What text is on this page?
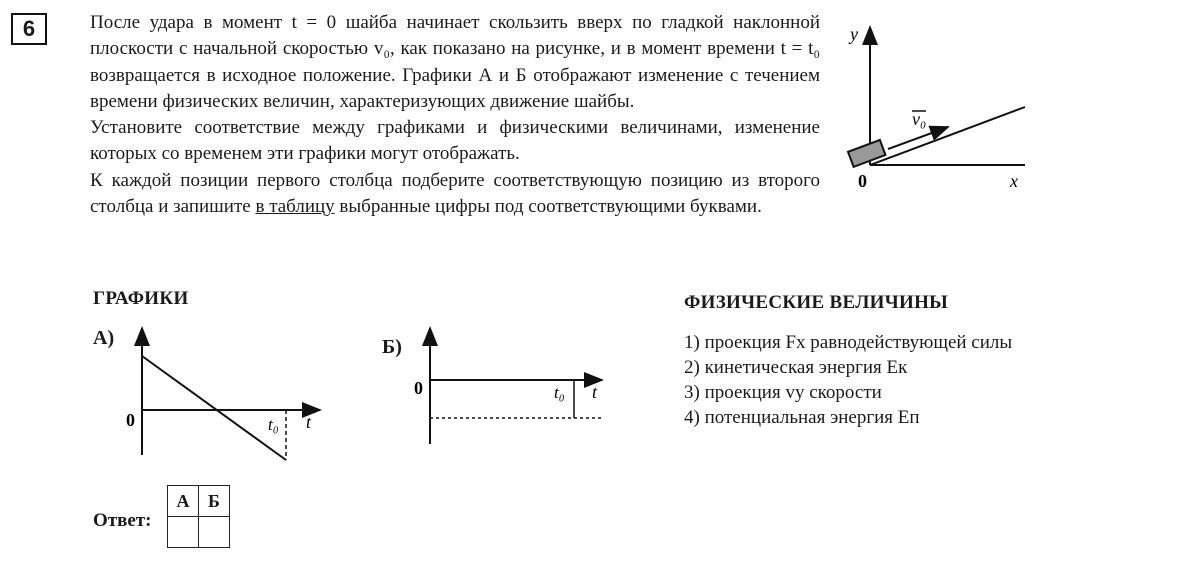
6	После удара в момент t = 0 шайба начинает скользить вверх по гладкой наклонной плоскости с начальной скоростью v₀, как показано на рисунке, и в момент времени t = t₀ возвращается в исходное положение. Графики А и Б отображают изменение с течением времени физических величин, характеризующих движение шайбы.

Установите соответствие между графиками и физическими величинами, изменение которых со временем эти графики могут отображать.

К каждой позиции первого столбца подберите соответствующую позицию из второго столбца и запишите в таблицу выбранные цифры под соответствующими буквами.

y
x
0
v₀
ГРАФИКИ	ФИЗИЧЕСКИЕ ВЕЛИЧИНЫ
А)
0	t₀ t
Б)
0	t₀ t
1) проекция Fx равнодействующей силы
2) кинетическая энергия Eк
3) проекция vy скорости
4) потенциальная энергия Eп
Ответ:
А	Б
